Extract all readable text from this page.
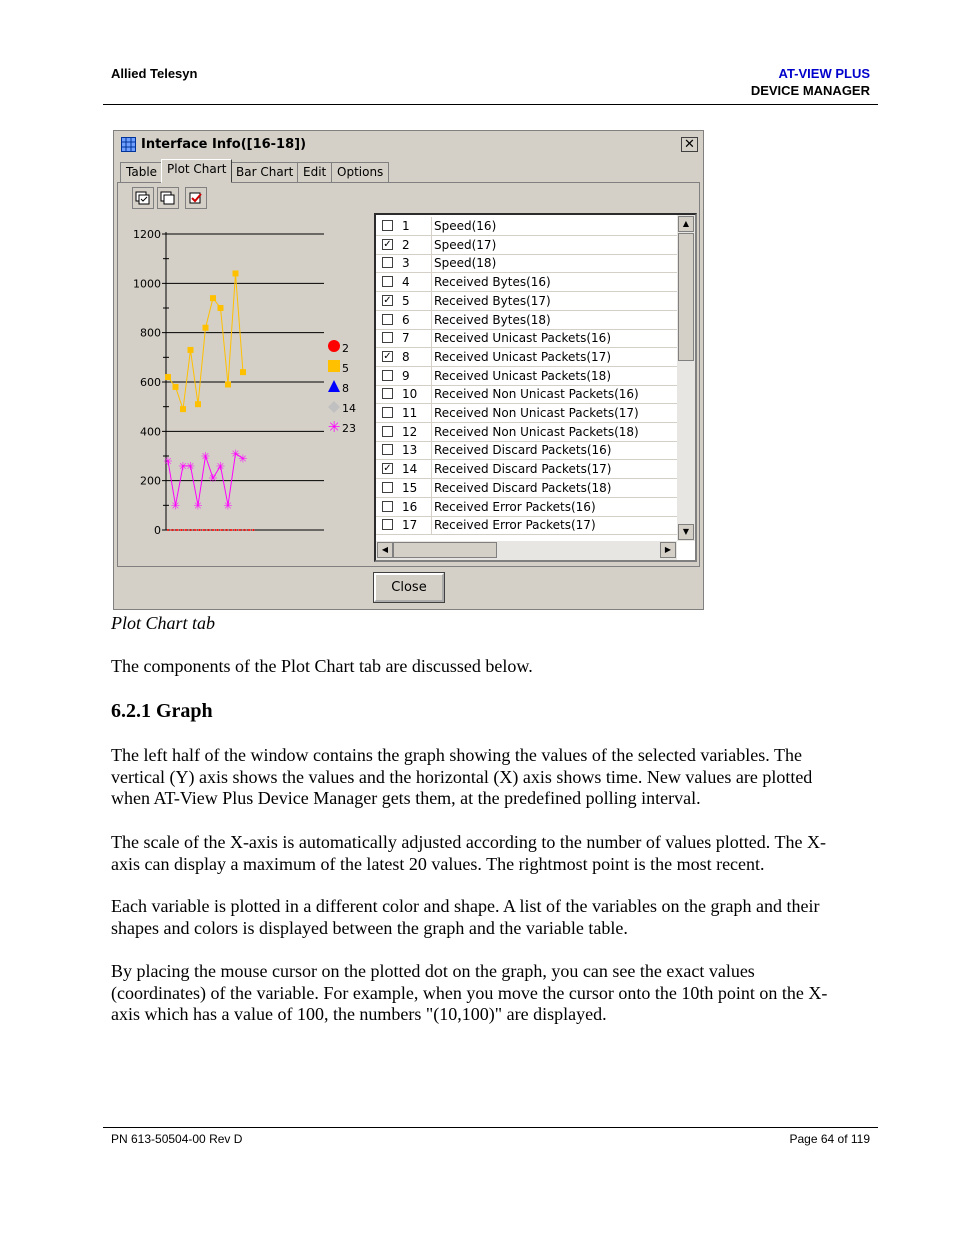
Allied Telesyn	AT-VIEW PLUS
DEVICE MANAGER
Interface Info([16-18])	✕
Table Plot Chart Bar Chart Edit Options
0
200
400
600
800
1000
1200
✳
✳
✳
✳
✳
✳
✳
✳
✳
✳
✳
2
5
8
14
✳ 23
1 Speed(16)
✓ 2 Speed(17)
3 Speed(18)
4 Received Bytes(16)
✓ 5 Received Bytes(17)
6 Received Bytes(18)
7 Received Unicast Packets(16)
✓ 8 Received Unicast Packets(17)
9 Received Unicast Packets(18)
10 Received Non Unicast Packets(16)
11 Received Non Unicast Packets(17)
12 Received Non Unicast Packets(18)
13 Received Discard Packets(16)
✓ 14 Received Discard Packets(17)
15 Received Discard Packets(18)
16 Received Error Packets(16)
17 Received Error Packets(17)
▲
▼
◀	▶
Close
Plot Chart tab
The components of the Plot Chart tab are discussed below.
6.2.1 Graph
The left half of the window contains the graph showing the values of the selected variables. The
vertical (Y) axis shows the values and the horizontal (X) axis shows time. New values are plotted
when AT-View Plus Device Manager gets them, at the predefined polling interval.
The scale of the X-axis is automatically adjusted according to the number of values plotted. The X-
axis can display a maximum of the latest 20 values. The rightmost point is the most recent.
Each variable is plotted in a different color and shape. A list of the variables on the graph and their
shapes and colors is displayed between the graph and the variable table.
By placing the mouse cursor on the plotted dot on the graph, you can see the exact values
(coordinates) of the variable. For example, when you move the cursor onto the 10th point on the X-
axis which has a value of 100, the numbers "(10,100)" are displayed.
PN 613-50504-00 Rev D	Page 64 of 119
